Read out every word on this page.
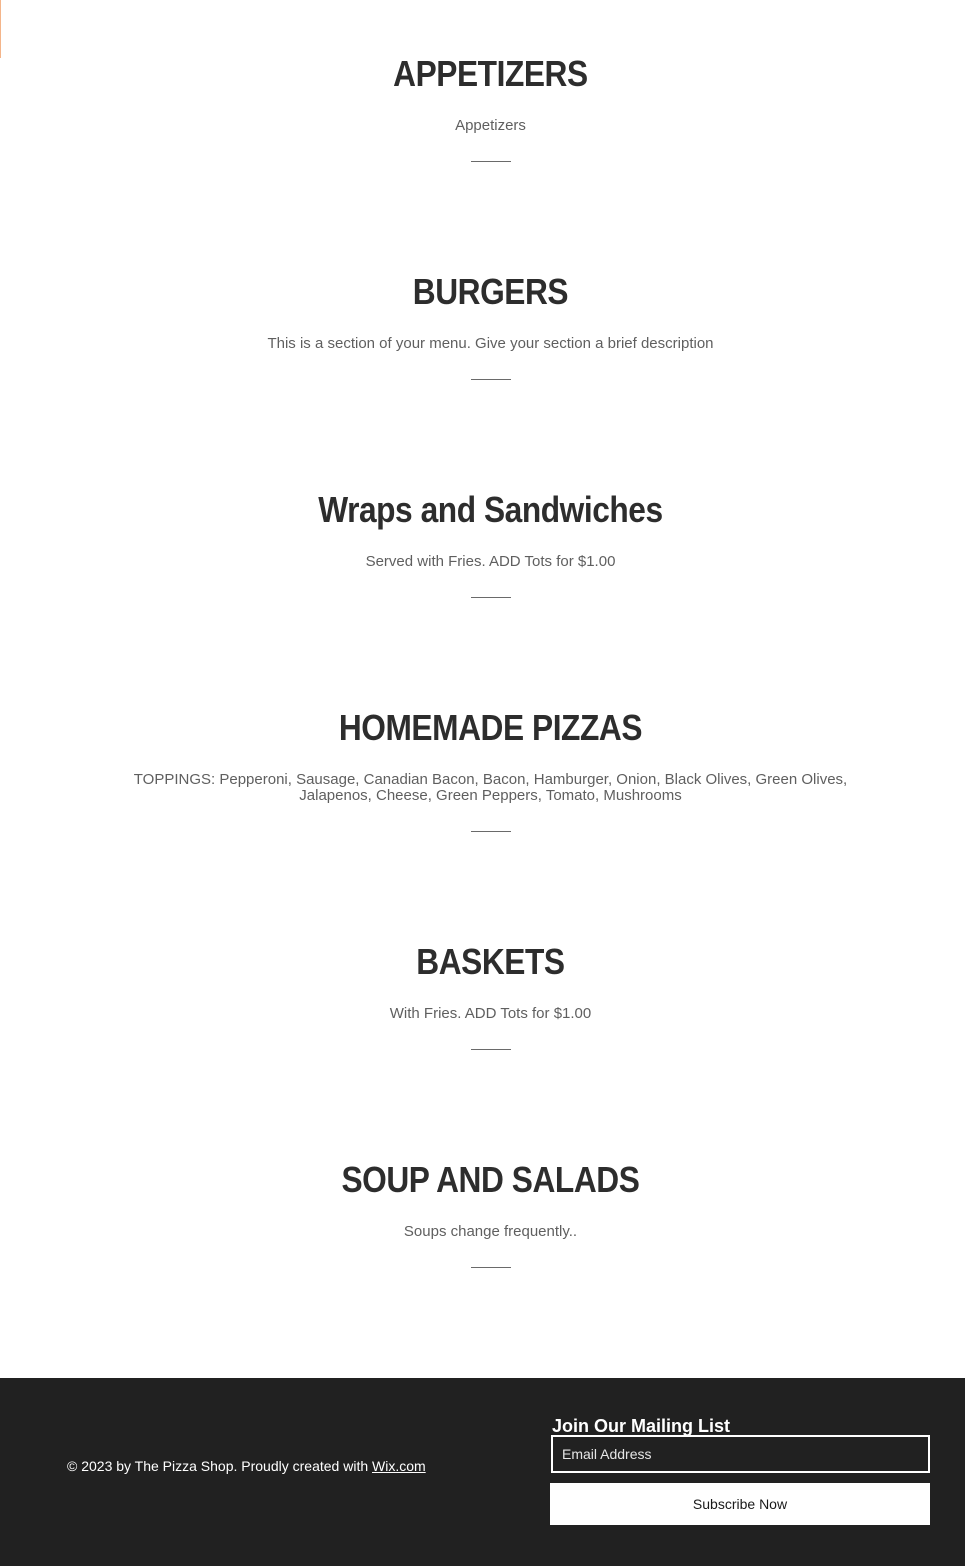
APPETIZERS

Appetizers

BURGERS

This is a section of your menu. Give your section a brief description

Wraps and Sandwiches

Served with Fries. ADD Tots for $1.00

HOMEMADE PIZZAS

TOPPINGS: Pepperoni, Sausage, Canadian Bacon, Bacon, Hamburger, Onion, Black Olives, Green Olives, Jalapenos, Cheese, Green Peppers, Tomato, Mushrooms

BASKETS

With Fries. ADD Tots for $1.00

SOUP AND SALADS

Soups change frequently..

© 2023 by The Pizza Shop. Proudly created with Wix.com
Join Our Mailing List
Email Address
Subscribe Now
